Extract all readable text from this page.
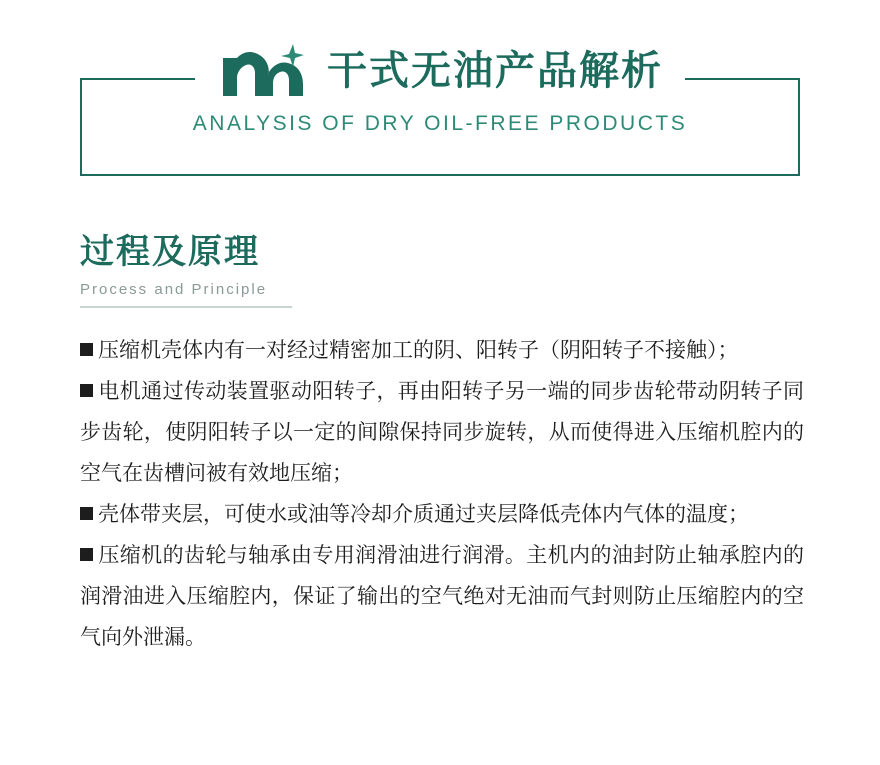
干式无油产品解析
ANALYSIS OF DRY OIL-FREE PRODUCTS
过程及原理
Process and Principle

压缩机壳体内有一对经过精密加工的阴、阳转子（阴阳转子不接触）；

电机通过传动装置驱动阳转子，再由阳转子另一端的同步齿轮带动阴转子同步齿轮，使阴阳转子以一定的间隙保持同步旋转，从而使得进入压缩机腔内的空气在齿槽问被有效地压缩；

壳体带夹层，可使水或油等冷却介质通过夹层降低壳体内气体的温度；

压缩机的齿轮与轴承由专用润滑油进行润滑。主机内的油封防止轴承腔内的润滑油进入压缩腔内，保证了输出的空气绝对无油而气封则防止压缩腔内的空气向外泄漏。
